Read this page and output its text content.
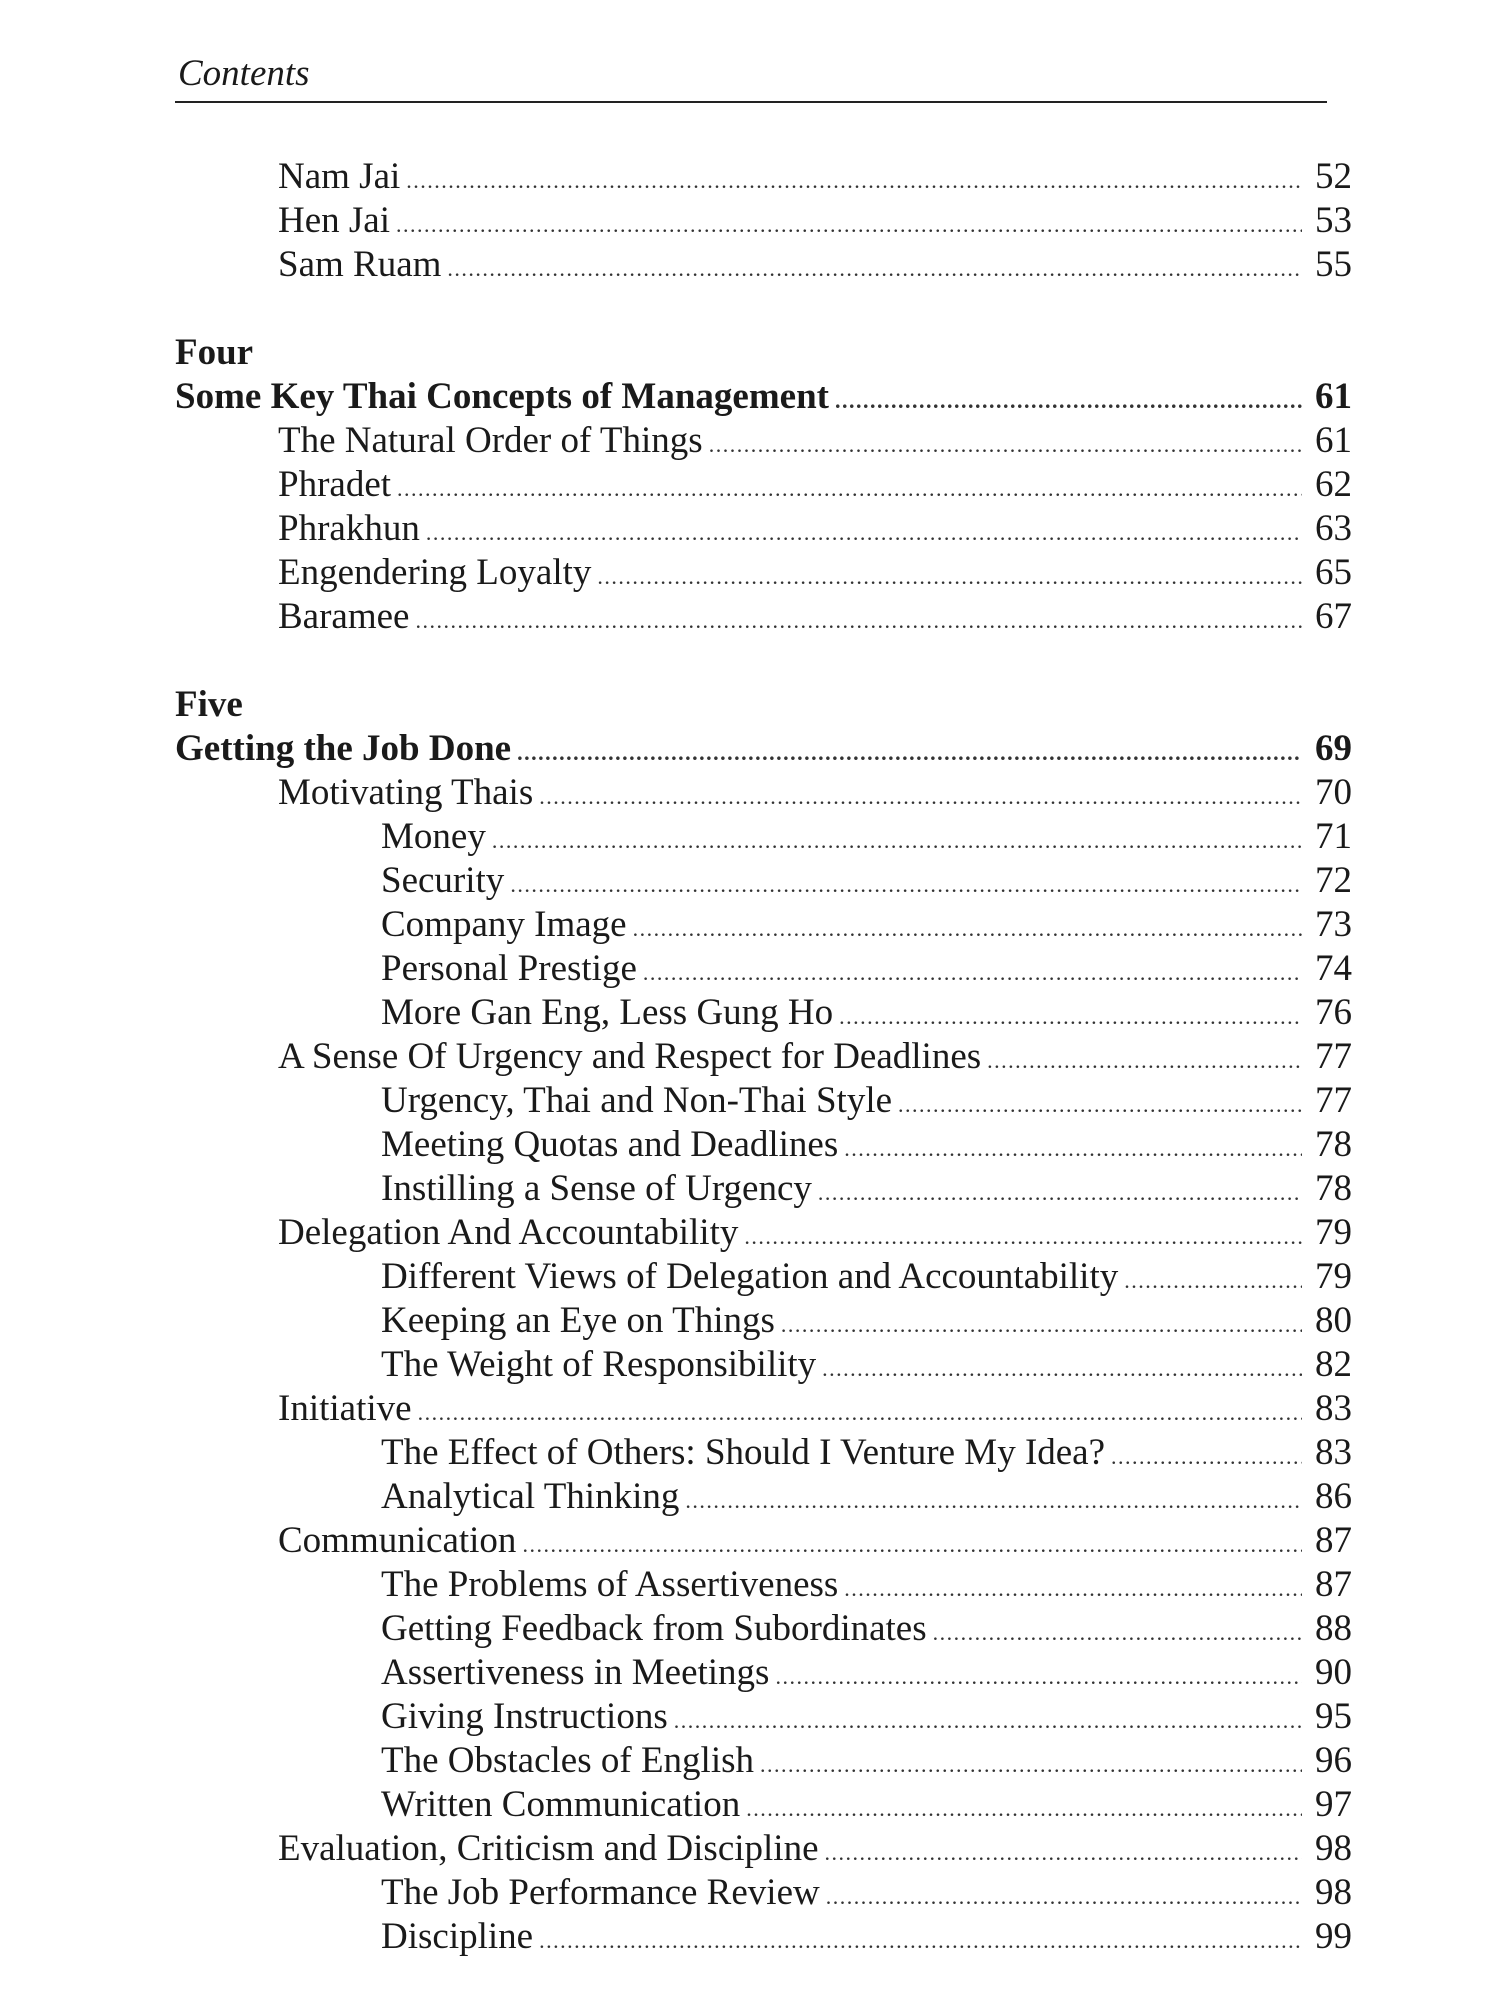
Contents
Nam Jai . . .	52
Hen Jai . . .	53
Sam Ruam . . .	55
Four
Some Key Thai Concepts of Management . . .	61
The Natural Order of Things . . .	61
Phradet . . .	62
Phrakhun . . .	63
Engendering Loyalty . . .	65
Baramee . . .	67
Five
Getting the Job Done . . .	69
Motivating Thais . . .	70
Money . . .	71
Security . . .	72
Company Image . . .	73
Personal Prestige . . .	74
More Gan Eng, Less Gung Ho . . .	76
A Sense Of Urgency and Respect for Deadlines . . .	77
Urgency, Thai and Non-Thai Style . . .	77
Meeting Quotas and Deadlines . . .	78
Instilling a Sense of Urgency . . .	78
Delegation And Accountability . . .	79
Different Views of Delegation and Accountability . . .	79
Keeping an Eye on Things . . .	80
The Weight of Responsibility . . .	82
Initiative . . .	83
The Effect of Others: Should I Venture My Idea? . . .	83
Analytical Thinking . . .	86
Communication . . .	87
The Problems of Assertiveness . . .	87
Getting Feedback from Subordinates . . .	88
Assertiveness in Meetings . . .	90
Giving Instructions . . .	95
The Obstacles of English . . .	96
Written Communication . . .	97
Evaluation, Criticism and Discipline . . .	98
The Job Performance Review . . .	98
Discipline . . .	99
